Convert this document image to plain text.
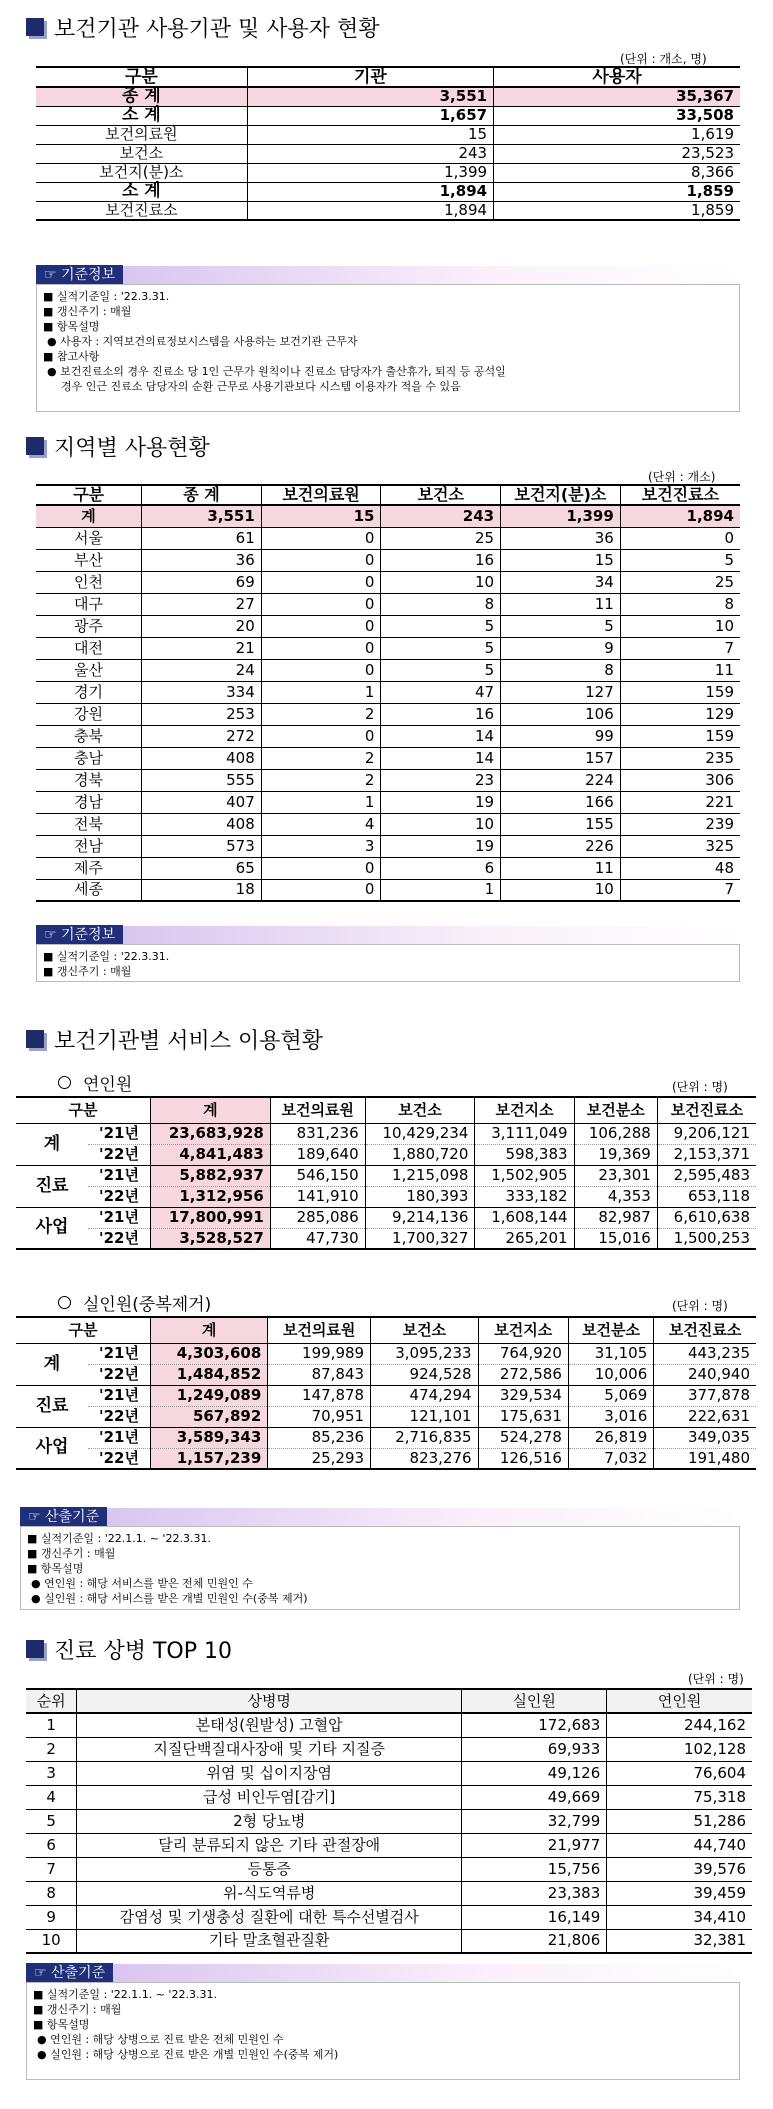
보건기관 사용기관 및 사용자 현황
(단위 : 개소, 명)
구분	기관	사용자
종 계	3,551	35,367
소 계	1,657	33,508
보건의료원	15	1,619
보건소	243	23,523
보건지(분)소	1,399	8,366
소 계	1,894	1,859
보건진료소	1,894	1,859
☞ 기준정보
■ 실적기준일 : '22.3.31.
■ 갱신주기 : 매월
■ 항목설명
● 사용자 : 지역보건의료정보시스템을 사용하는 보건기관 근무자
■ 참고사항
● 보건진료소의 경우 진료소 당 1인 근무가 원칙이나 진료소 담당자가 출산휴가, 퇴직 등 공석일
경우 인근 진료소 담당자의 순환 근무로 사용기관보다 시스템 이용자가 적을 수 있음
지역별 사용현황
(단위 : 개소)
구분	종 계	보건의료원	보건소	보건지(분)소	보건진료소
계	3,551	15	243	1,399	1,894
서울	61	0	25	36	0
부산	36	0	16	15	5
인천	69	0	10	34	25
대구	27	0	8	11	8
광주	20	0	5	5	10
대전	21	0	5	9	7
울산	24	0	5	8	11
경기	334	1	47	127	159
강원	253	2	16	106	129
충북	272	0	14	99	159
충남	408	2	14	157	235
경북	555	2	23	224	306
경남	407	1	19	166	221
전북	408	4	10	155	239
전남	573	3	19	226	325
제주	65	0	6	11	48
세종	18	0	1	10	7
☞ 기준정보
■ 실적기준일 : '22.3.31.
■ 갱신주기 : 매월
보건기관별 서비스 이용현황
연인원	(단위 : 명)
구분		계	보건의료원	보건소	보건지소	보건분소	보건진료소
계	'21년	23,683,928	831,236	10,429,234	3,111,049	106,288	9,206,121
	'22년	4,841,483	189,640	1,880,720	598,383	19,369	2,153,371
진료	'21년	5,882,937	546,150	1,215,098	1,502,905	23,301	2,595,483
	'22년	1,312,956	141,910	180,393	333,182	4,353	653,118
사업	'21년	17,800,991	285,086	9,214,136	1,608,144	82,987	6,610,638
	'22년	3,528,527	47,730	1,700,327	265,201	15,016	1,500,253
실인원(중복제거)	(단위 : 명)
구분		계	보건의료원	보건소	보건지소	보건분소	보건진료소
계	'21년	4,303,608	199,989	3,095,233	764,920	31,105	443,235
	'22년	1,484,852	87,843	924,528	272,586	10,006	240,940
진료	'21년	1,249,089	147,878	474,294	329,534	5,069	377,878
	'22년	567,892	70,951	121,101	175,631	3,016	222,631
사업	'21년	3,589,343	85,236	2,716,835	524,278	26,819	349,035
	'22년	1,157,239	25,293	823,276	126,516	7,032	191,480
☞ 산출기준
■ 실적기준일 : '22.1.1. ~ '22.3.31.
■ 갱신주기 : 매월
■ 항목설명
● 연인원 : 해당 서비스를 받은 전체 민원인 수
● 실인원 : 해당 서비스를 받은 개별 민원인 수(중복 제거)
진료 상병 TOP 10
(단위 : 명)
순위	상병명	실인원	연인원
1	본태성(원발성) 고혈압	172,683	244,162
2	지질단백질대사장애 및 기타 지질증	69,933	102,128
3	위염 및 십이지장염	49,126	76,604
4	급성 비인두염[감기]	49,669	75,318
5	2형 당뇨병	32,799	51,286
6	달리 분류되지 않은 기타 관절장애	21,977	44,740
7	등통증	15,756	39,576
8	위-식도역류병	23,383	39,459
9	감염성 및 기생충성 질환에 대한 특수선별검사	16,149	34,410
10	기타 말초혈관질환	21,806	32,381
☞ 산출기준
■ 실적기준일 : '22.1.1. ~ '22.3.31.
■ 갱신주기 : 매월
■ 항목설명
● 연인원 : 해당 상병으로 진료 받은 전체 민원인 수
● 실인원 : 해당 상병으로 진료 받은 개별 민원인 수(중복 제거)
